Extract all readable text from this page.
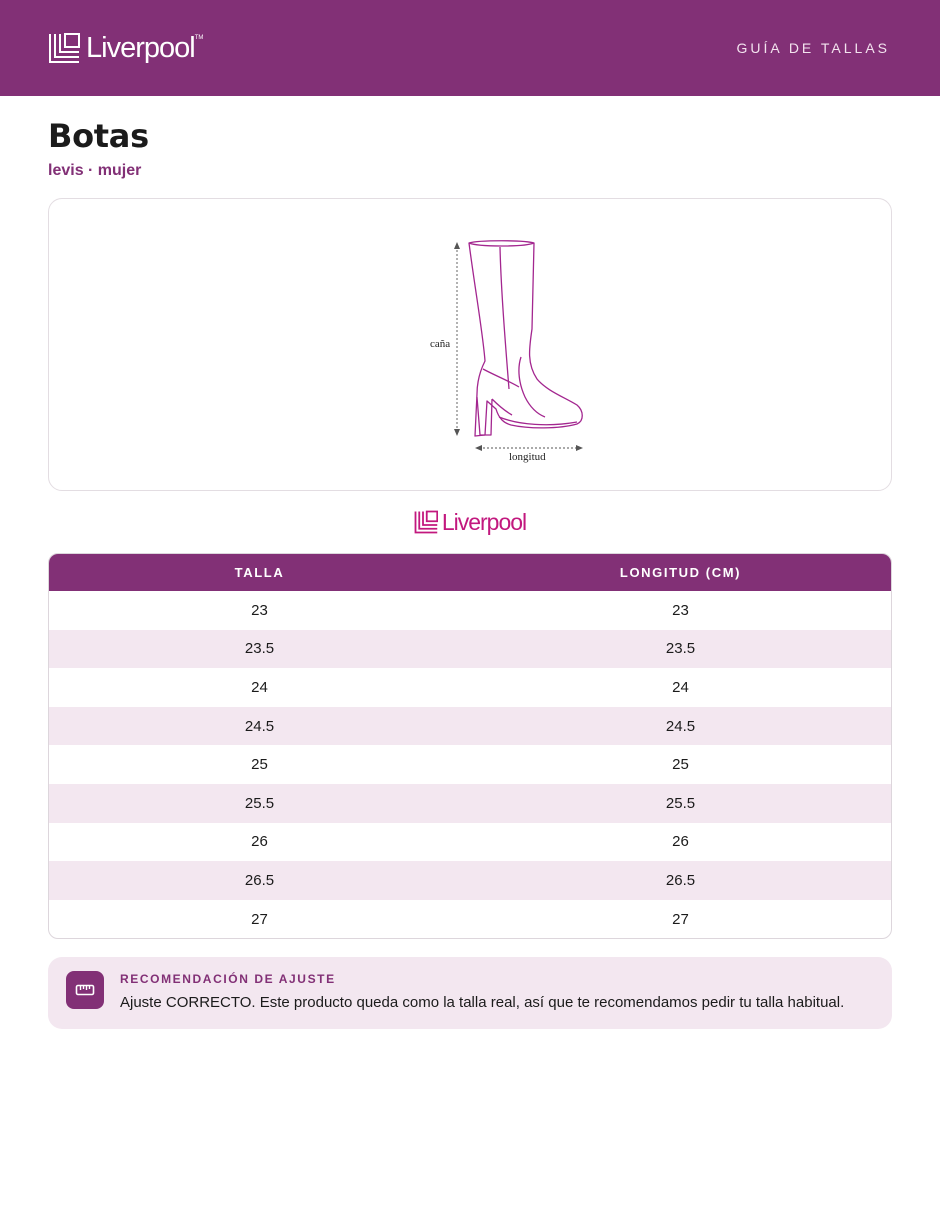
Liverpool TM
GUÍA DE TALLAS
Botas
levis · mujer
caña
longitud
Liverpool
TALLA	LONGITUD (CM)
23	23
23.5	23.5
24	24
24.5	24.5
25	25
25.5	25.5
26	26
26.5	26.5
27	27
RECOMENDACIÓN DE AJUSTE
Ajuste CORRECTO. Este producto queda como la talla real, así que te recomendamos pedir tu talla habitual.
